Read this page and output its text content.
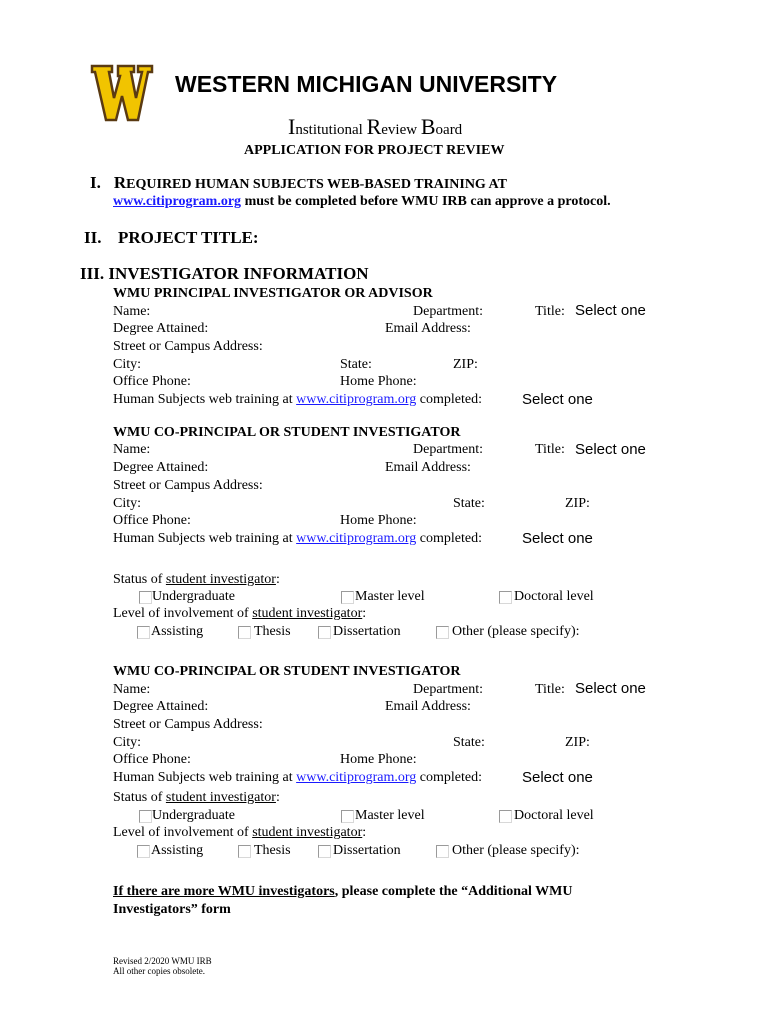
WESTERN MICHIGAN UNIVERSITY
Institutional Review Board
APPLICATION FOR PROJECT REVIEW
I. REQUIRED HUMAN SUBJECTS WEB-BASED TRAINING AT
www.citiprogram.org must be completed before WMU IRB can approve a protocol.
II. PROJECT TITLE:
III. INVESTIGATOR INFORMATION
WMU PRINCIPAL INVESTIGATOR OR ADVISOR
Name:	Department:	Title: Select one
Degree Attained:	Email Address:
Street or Campus Address:
City:	State:	ZIP:
Office Phone:	Home Phone:
Human Subjects web training at www.citiprogram.org completed:	Select one
WMU CO-PRINCIPAL OR STUDENT INVESTIGATOR
Name:	Department:	Title: Select one
Degree Attained:	Email Address:
Street or Campus Address:
City:	State:	ZIP:
Office Phone:	Home Phone:
Human Subjects web training at www.citiprogram.org completed:	Select one
Status of student investigator:
Undergraduate	Master level	Doctoral level
Level of involvement of student investigator:
Assisting	Thesis	Dissertation	Other (please specify):
WMU CO-PRINCIPAL OR STUDENT INVESTIGATOR
Name:	Department:	Title: Select one
Degree Attained:	Email Address:
Street or Campus Address:
City:	State:	ZIP:
Office Phone:	Home Phone:
Human Subjects web training at www.citiprogram.org completed:	Select one
Status of student investigator:
Undergraduate	Master level	Doctoral level
Level of involvement of student investigator:
Assisting	Thesis	Dissertation	Other (please specify):
If there are more WMU investigators, please complete the “Additional WMU
Investigators” form
Revised 2/2020 WMU IRB
All other copies obsolete.
